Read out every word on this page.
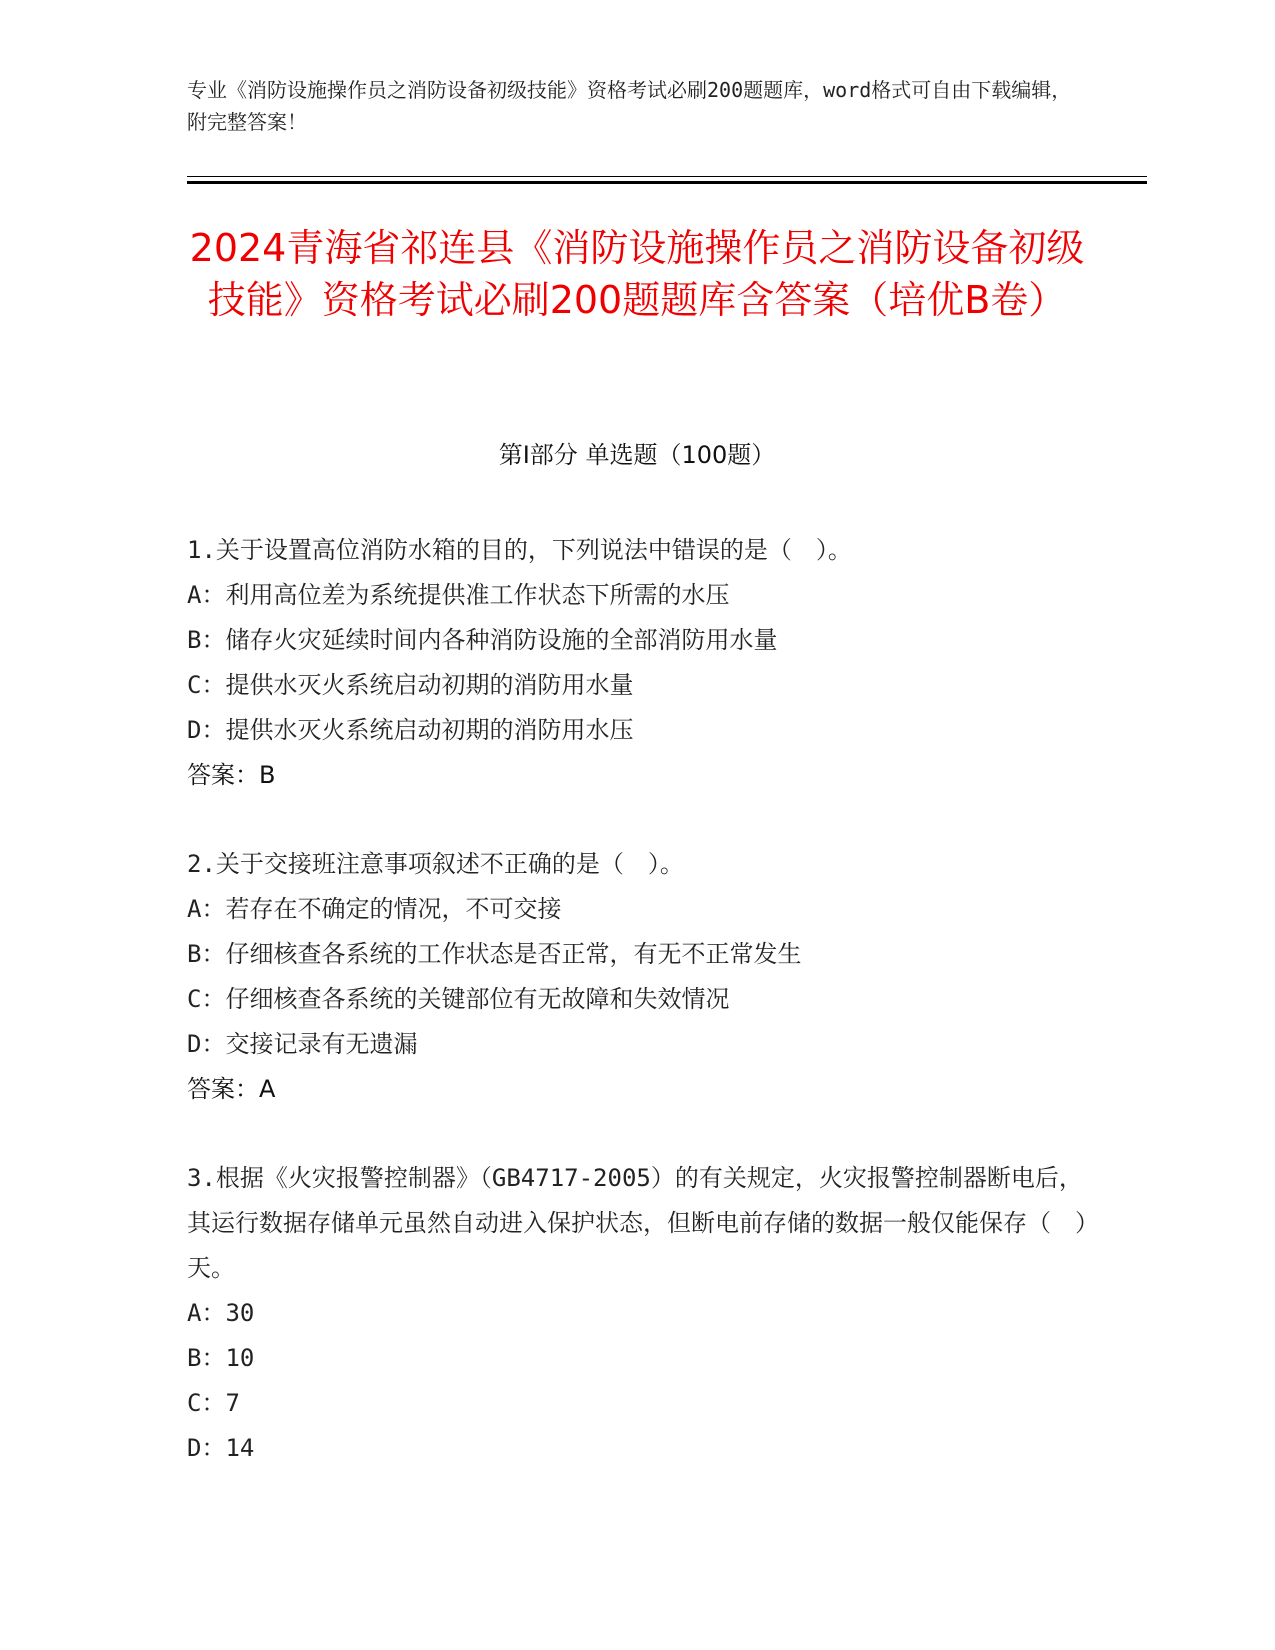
专业《消防设施操作员之消防设备初级技能》资格考试必刷200题题库，word格式可自由下载编辑，附完整答案！
2024青海省祁连县《消防设施操作员之消防设备初级技能》资格考试必刷200题题库含答案（培优B卷）
第I部分 单选题（100题）
1.关于设置高位消防水箱的目的，下列说法中错误的是（　）。
A：利用高位差为系统提供准工作状态下所需的水压
B：储存火灾延续时间内各种消防设施的全部消防用水量
C：提供水灭火系统启动初期的消防用水量
D：提供水灭火系统启动初期的消防用水压
答案：B
2.关于交接班注意事项叙述不正确的是（　）。
A：若存在不确定的情况，不可交接
B：仔细核查各系统的工作状态是否正常，有无不正常发生
C：仔细核查各系统的关键部位有无故障和失效情况
D：交接记录有无遗漏
答案：A
3.根据《火灾报警控制器》（GB4717-2005）的有关规定，火灾报警控制器断电后，其运行数据存储单元虽然自动进入保护状态，但断电前存储的数据一般仅能保存（　）天。
A：30
B：10
C：7
D：14
